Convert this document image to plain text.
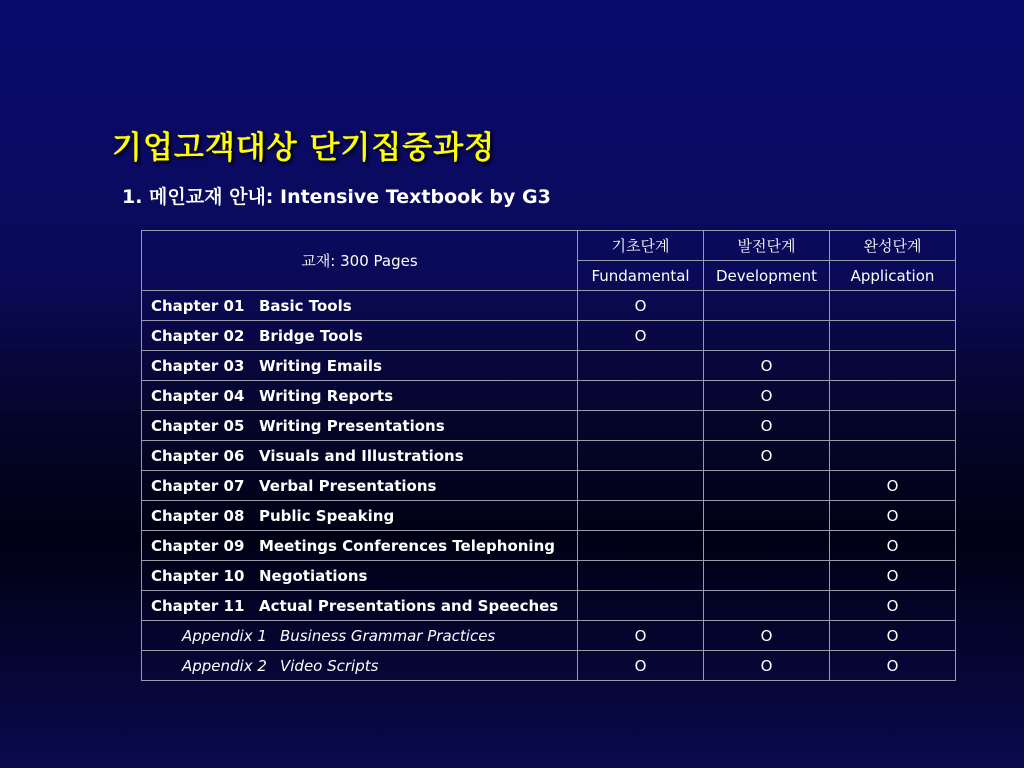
기업고객대상 단기집중과정
1. 메인교재 안내: Intensive Textbook by G3
교재: 300 Pages	기초단계	발전단계	완성단계
	Fundamental	Development	Application
Chapter 01 Basic Tools	O		
Chapter 02 Bridge Tools	O		
Chapter 03 Writing Emails		O	
Chapter 04 Writing Reports		O	
Chapter 05 Writing Presentations		O	
Chapter 06 Visuals and Illustrations		O	
Chapter 07 Verbal Presentations			O
Chapter 08 Public Speaking			O
Chapter 09 Meetings Conferences Telephoning			O
Chapter 10 Negotiations			O
Chapter 11 Actual Presentations and Speeches			O
Appendix 1 Business Grammar Practices	O	O	O
Appendix 2 Video Scripts	O	O	O
